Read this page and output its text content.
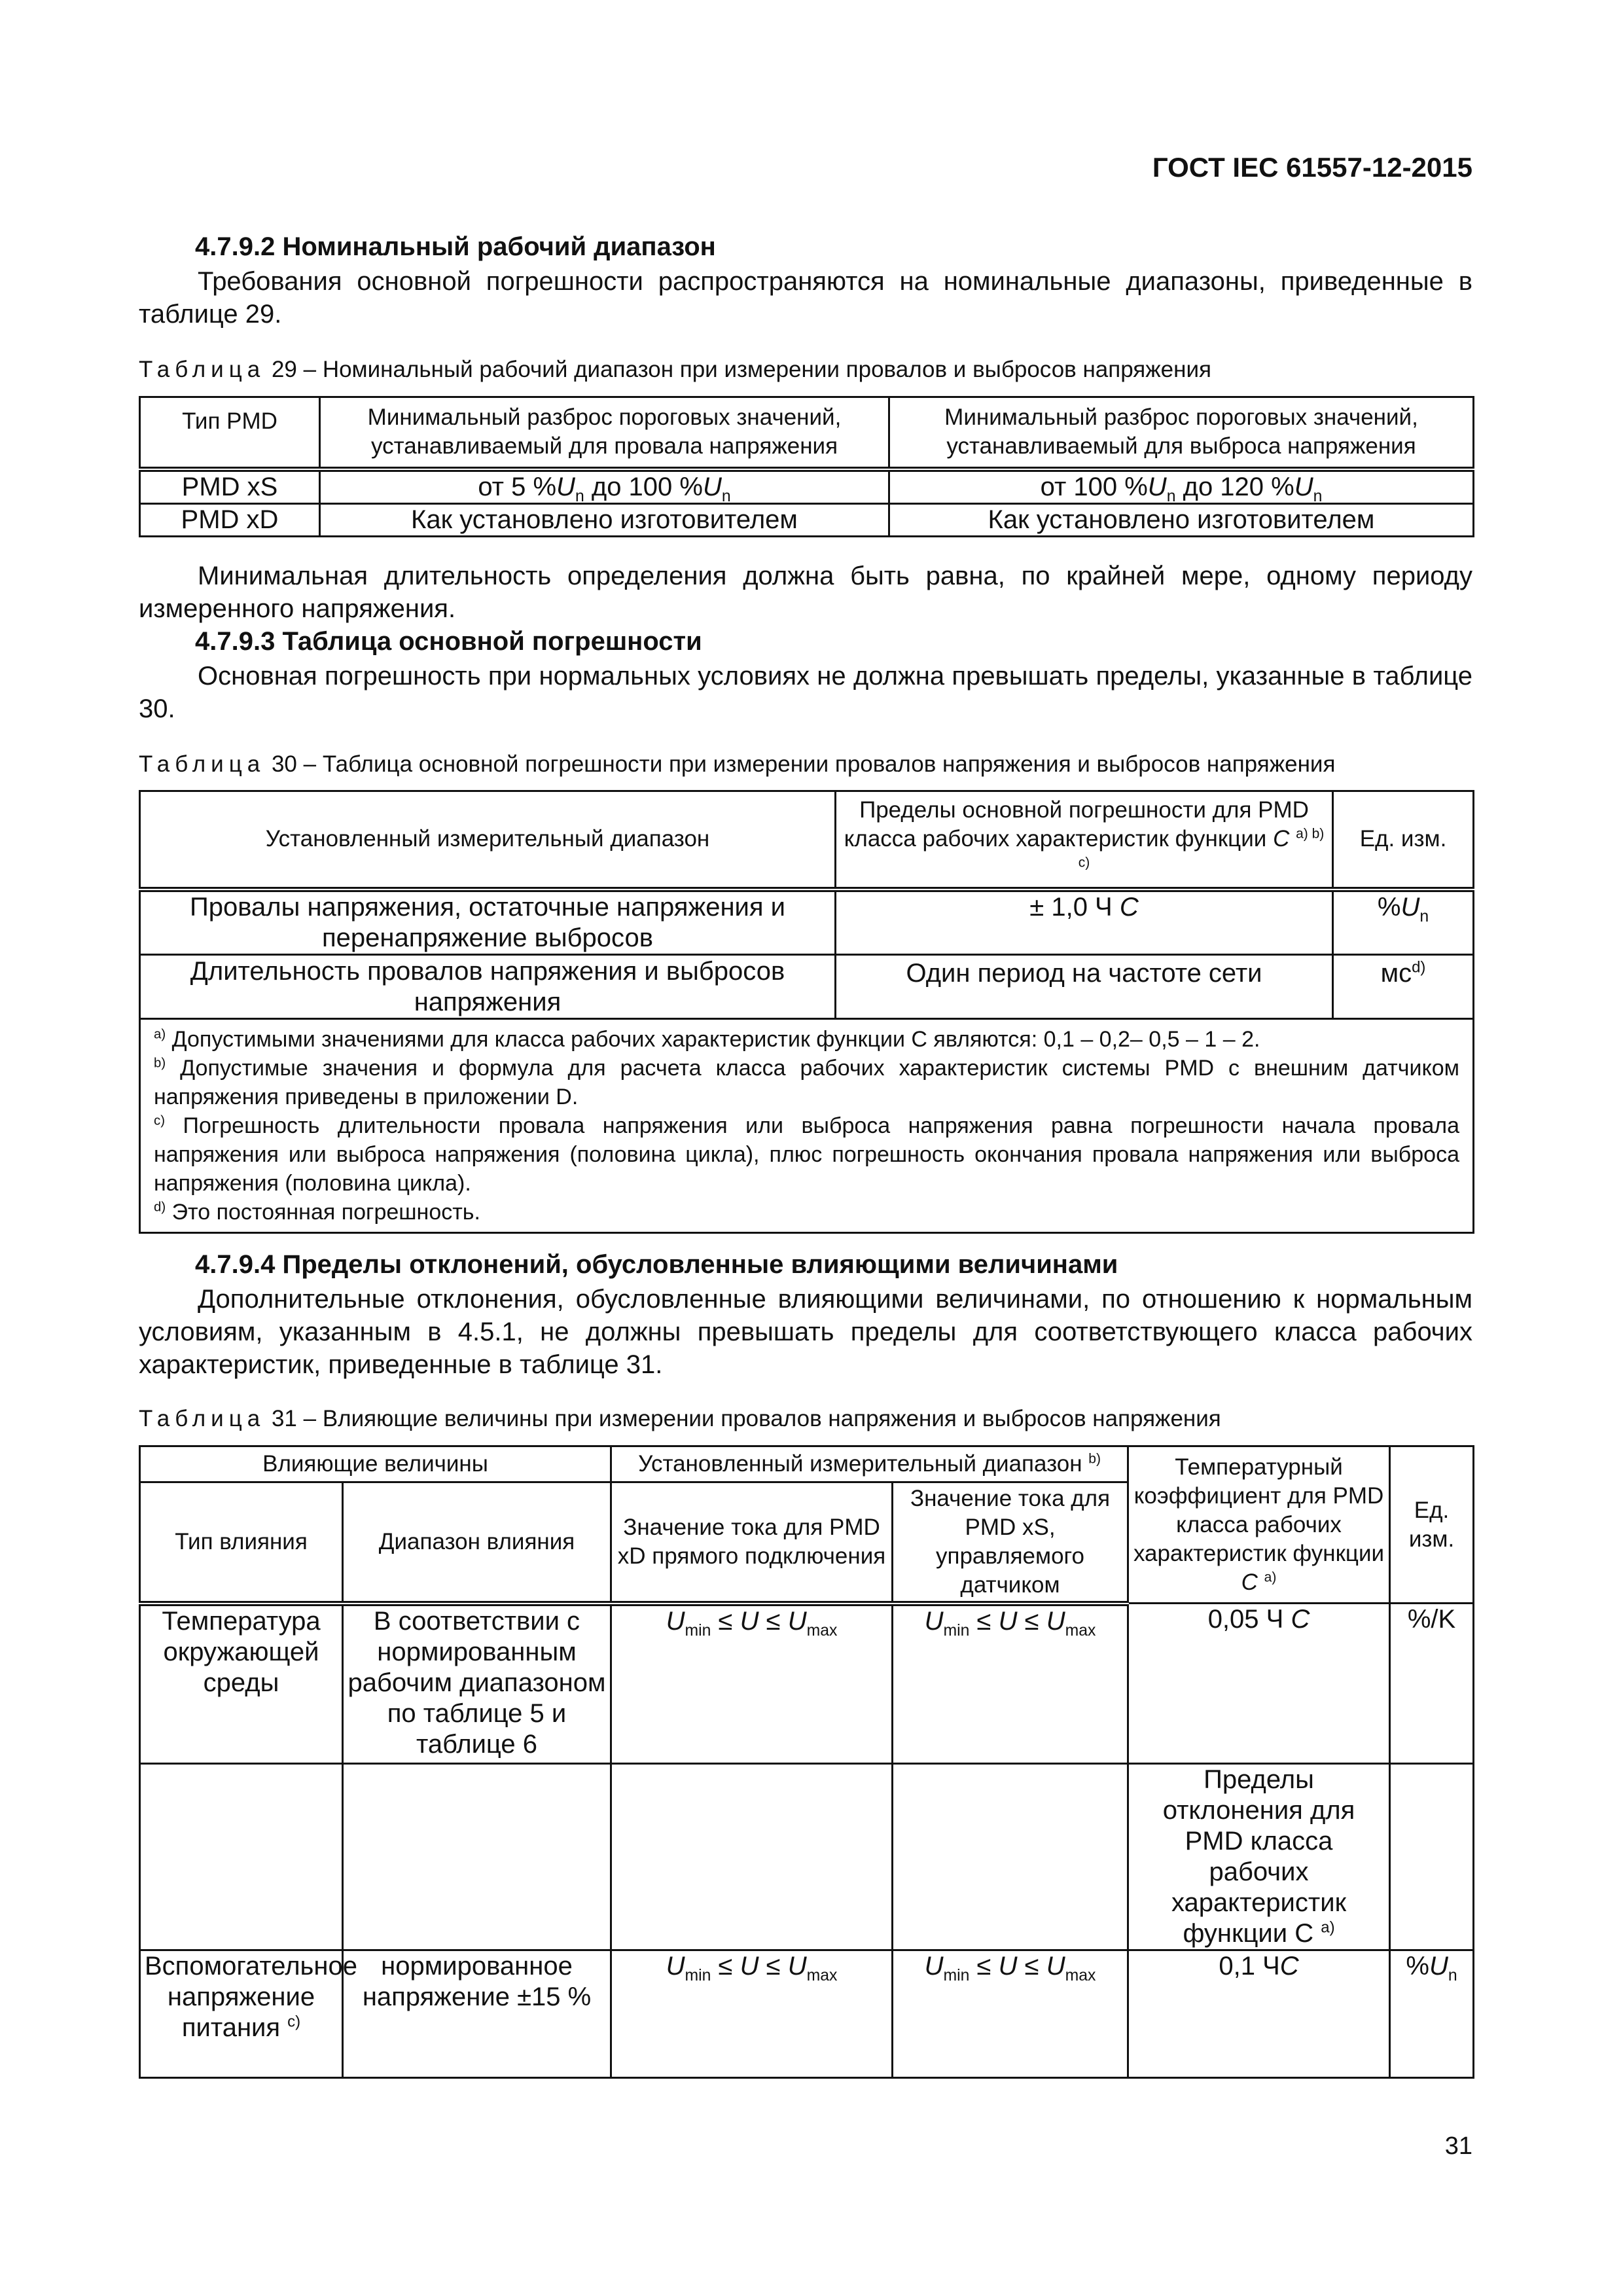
ГОСТ IEC 61557-12-2015
4.7.9.2 Номинальный рабочий диапазон
Требования основной погрешности распространяются на номинальные диапазоны, приведенные в таблице 29.
Таблица 29 – Номинальный рабочий диапазон при измерении провалов и выбросов напряжения
Тип PMD	Минимальный разброс пороговых значений, устанавливаемый для провала напряжения	Минимальный разброс пороговых значений, устанавливаемый для выброса напряжения
PMD xS	от 5 $\%U_n$ до 100 $\%U_n$	от 100 $\%U_n$ до 120 $\%U_n$
PMD xD	Как установлено изготовителем	Как установлено изготовителем
Минимальная длительность определения должна быть равна, по крайней мере, одному периоду измеренного напряжения.
4.7.9.3 Таблица основной погрешности
Основная погрешность при нормальных условиях не должна превышать пределы, указанные в таблице 30.
Таблица 30 – Таблица основной погрешности при измерении провалов напряжения и выбросов напряжения
Установленный измерительный диапазон	Пределы основной погрешности для PMD класса рабочих характеристик функции C $^{a) b) c)}$	Ед. изм.
Провалы напряжения, остаточные напряжения и перенапряжение выбросов	± 1,0 Ч C	$\%U_n$
Длительность провалов напряжения и выбросов напряжения	Один период на частоте сети	$мс^{d)}$

$^{a)}$ Допустимыми значениями для класса рабочих характеристик функции С являются: 0,1 – 0,2– 0,5 – 1 – 2.
$^{b)}$ Допустимые значения и формула для расчета класса рабочих характеристик системы PMD с внешним датчиком напряжения приведены в приложении D.
$^{c)}$ Погрешность длительности провала напряжения или выброса напряжения равна погрешности начала провала напряжения или выброса напряжения (половина цикла), плюс погрешность окончания провала напряжения или выброса напряжения (половина цикла).
$^{d)}$ Это постоянная погрешность.		
4.7.9.4 Пределы отклонений, обусловленные влияющими величинами
Дополнительные отклонения, обусловленные влияющими величинами, по отношению к нормальным условиям, указанным в 4.5.1, не должны превышать пределы для соответствующего класса рабочих характеристик, приведенные в таблице 31.
Таблица 31 – Влияющие величины при измерении провалов напряжения и выбросов напряжения
Влияющие величины		Установленный измерительный диапазон $^{b)}$		Температурный коэффициент для PMD класса рабочих характеристик функции C $^{a)}$	Ед. изм.
Тип влияния	Диапазон влияния	Значение тока для PMD xD прямого подключения	Значение тока для PMD xS, управляемого датчиком		
Температура окружающей среды	В соответствии с нормированным рабочим диапазоном по таблице 5 и таблице 6	$U_{min} \le U \le U_{max}$	$U_{min} \le U \le U_{max}$	0,05 Ч C	%/K
				Пределы отклонения для PMD класса рабочих характеристик функции С $^{a)}$	
Вспомогательное напряжение питания $^{c)}$	нормированное напряжение ±15 %	$U_{min} \le U \le U_{max}$	$U_{min} \le U \le U_{max}$	0,1 ЧC	$\%U_n$
31
